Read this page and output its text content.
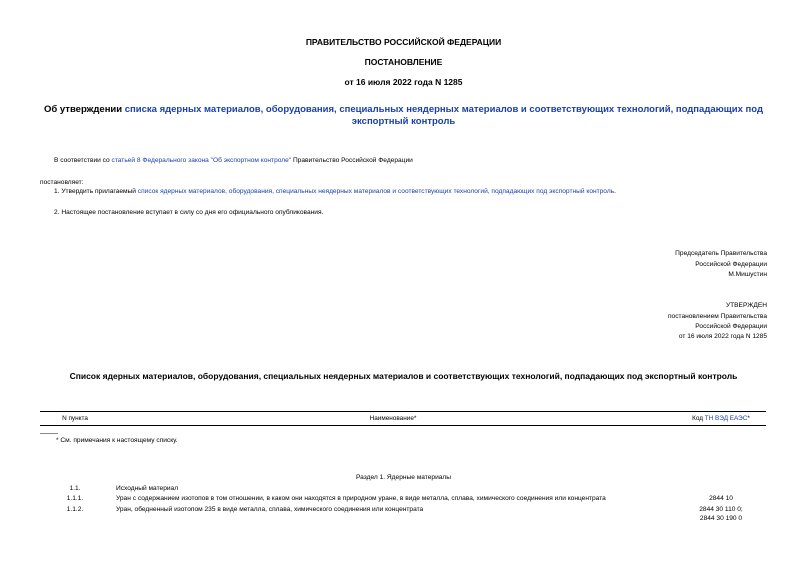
ПРАВИТЕЛЬСТВО РОССИЙСКОЙ ФЕДЕРАЦИИ
ПОСТАНОВЛЕНИЕ
от 16 июля 2022 года N 1285
Об утверждении списка ядерных материалов, оборудования, специальных неядерных материалов и соответствующих технологий, подпадающих под экспортный контроль
В соответствии со статьей 8 Федерального закона "Об экспортном контроле" Правительство Российской Федерации
постановляет:
1. Утвердить прилагаемый список ядерных материалов, оборудования, специальных неядерных материалов и соответствующих технологий, подпадающих под экспортный контроль.
2. Настоящее постановление вступает в силу со дня его официального опубликования.
Председатель Правительства
Российской Федерации
М.Мишустин
УТВЕРЖДЕН
постановлением Правительства
Российской Федерации
от 16 июля 2022 года N 1285
Список ядерных материалов, оборудования, специальных неядерных материалов и соответствующих технологий, подпадающих под экспортный контроль
N пункта	Наименование*	Код ТН ВЭД ЕАЭС*
* См. примечания к настоящему списку.
Раздел 1. Ядерные материалы
1.1.	Исходный материал
1.1.1.	Уран с содержанием изотопов в том отношении, в каком они находятся в природном уране, в виде металла, сплава, химического соединения или концентрата	2844 10
1.1.2.	Уран, обедненный изотопом 235 в виде металла, сплава, химического соединения или концентрата	2844 30 110 0;
2844 30 190 0
